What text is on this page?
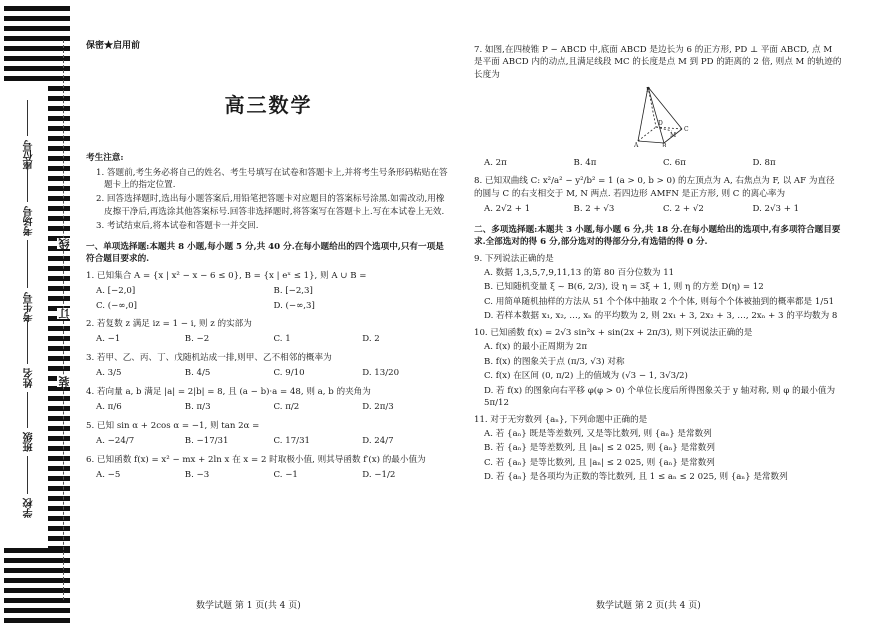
座位号
考场号
考生号
姓名
班级
学校
线
订
装
保密★启用前
高三数学
考生注意:
1. 答题前,考生务必将自己的姓名、考生号填写在试卷和答题卡上,并将考生号条形码粘贴在答题卡上的指定位置.
2. 回答选择题时,选出每小题答案后,用铅笔把答题卡对应题目的答案标号涂黑.如需改动,用橡皮擦干净后,再选涂其他答案标号.回答非选择题时,将答案写在答题卡上.写在本试卷上无效.
3. 考试结束后,将本试卷和答题卡一并交回.
一、单项选择题:本题共 8 小题,每小题 5 分,共 40 分.在每小题给出的四个选项中,只有一项是符合题目要求的.
1. 已知集合 A = {x | x² − x − 6 ≤ 0}, B = {x | eˣ ≤ 1}, 则 A ∪ B =
A. [−2,0]	B. [−2,3]
C. (−∞,0]	D. (−∞,3]
2. 若复数 z 满足 iz = 1 − i, 则 z 的实部为
A. −1	B. −2	C. 1	D. 2
3. 若甲、乙、丙、丁、戊随机站成一排,则甲、乙不相邻的概率为
A. 3/5	B. 4/5	C. 9/10	D. 13/20
4. 若向量 a, b 满足 |a| = 2|b| = 8, 且 (a − b)·a = 48, 则 a, b 的夹角为
A. π/6	B. π/3	C. π/2	D. 2π/3
5. 已知 sin α + 2cos α = −1, 则 tan 2α =
A. −24/7	B. −17/31	C. 17/31	D. 24/7
6. 已知函数 f(x) = x² − mx + 2ln x 在 x = 2 时取极小值, 则其导函数 f′(x) 的最小值为
A. −5	B. −3	C. −1	D. −1/2
7. 如图,在四棱锥 P − ABCD 中,底面 ABCD 是边长为 6 的正方形, PD ⊥ 平面 ABCD, 点 M 是平面 ABCD 内的动点,且满足线段 MC 的长度是点 M 到 PD 的距离的 2 倍, 则点 M 的轨迹的长度为
P
D
A	B
C
M
A. 2π	B. 4π	C. 6π	D. 8π
8. 已知双曲线 C: x²/a² − y²/b² = 1 (a > 0, b > 0) 的左顶点为 A, 右焦点为 F, 以 AF 为直径的圆与 C 的右支相交于 M, N 两点. 若四边形 AMFN 是正方形, 则 C 的离心率为
A. 2√2 + 1	B. 2 + √3	C. 2 + √2	D. 2√3 + 1
二、多项选择题:本题共 3 小题,每小题 6 分,共 18 分.在每小题给出的选项中,有多项符合题目要求.全部选对的得 6 分,部分选对的得部分分,有选错的得 0 分.
9. 下列说法正确的是
A. 数据 1,3,5,7,9,11,13 的第 80 百分位数为 11
B. 已知随机变量 ξ ~ B(6, 2/3), 设 η = 3ξ + 1, 则 η 的方差 D(η) = 12
C. 用简单随机抽样的方法从 51 个个体中抽取 2 个个体, 则每个个体被抽到的概率都是 1/51
D. 若样本数据 x₁, x₂, …, xₙ 的平均数为 2, 则 2x₁ + 3, 2x₂ + 3, …, 2xₙ + 3 的平均数为 8
10. 已知函数 f(x) = 2√3 sin²x + sin(2x + 2π/3), 则下列说法正确的是
A. f(x) 的最小正周期为 2π
B. f(x) 的图象关于点 (π/3, √3) 对称
C. f(x) 在区间 (0, π/2) 上的值域为 (√3 − 1, 3√3/2)
D. 若 f(x) 的图象向右平移 φ(φ > 0) 个单位长度后所得图象关于 y 轴对称, 则 φ 的最小值为 5π/12
11. 对于无穷数列 {aₙ}, 下列命题中正确的是
A. 若 {aₙ} 既是等差数列, 又是等比数列, 则 {aₙ} 是常数列
B. 若 {aₙ} 是等差数列, 且 |aₙ| ≤ 2 025, 则 {aₙ} 是常数列
C. 若 {aₙ} 是等比数列, 且 |aₙ| ≤ 2 025, 则 {aₙ} 是常数列
D. 若 {aₙ} 是各项均为正数的等比数列, 且 1 ≤ aₙ ≤ 2 025, 则 {aₙ} 是常数列
数学试题 第 1 页(共 4 页)	数学试题 第 2 页(共 4 页)
